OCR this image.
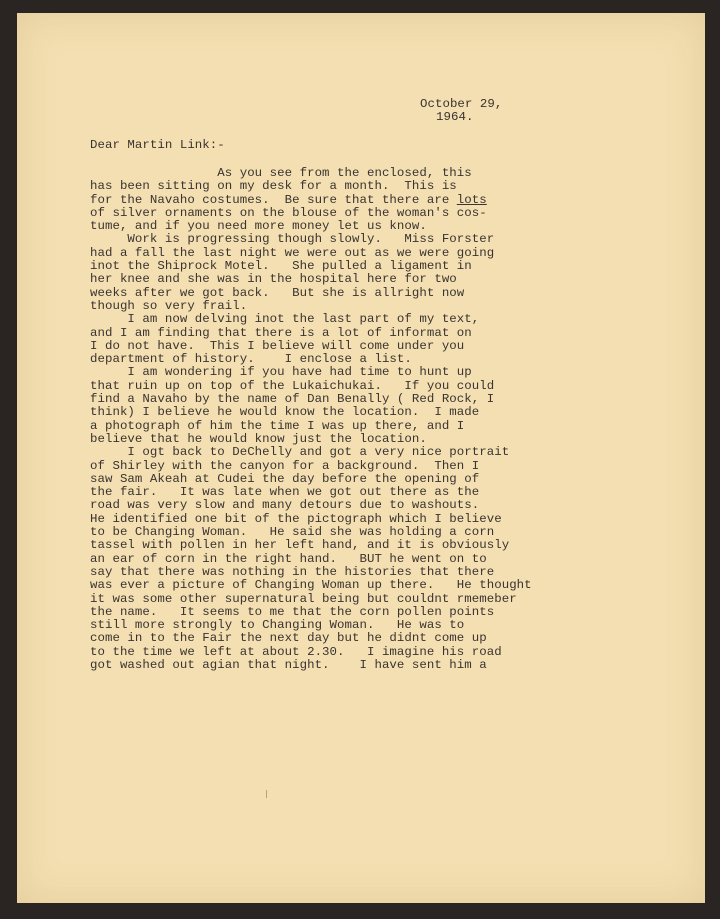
October 29,
1964.
Dear Martin Link:-
As you see from the enclosed, this
has been sitting on my desk for a month.  This is
for the Navaho costumes.  Be sure that there are lots
of silver ornaments on the blouse of the woman's cos-
tume, and if you need more money let us know.
Work is progressing though slowly.   Miss Forster
had a fall the last night we were out as we were going
inot the Shiprock Motel.   She pulled a ligament in
her knee and she was in the hospital here for two
weeks after we got back.   But she is allright now
though so very frail.
I am now delving inot the last part of my text,
and I am finding that there is a lot of informat on
I do not have.  This I believe will come under you
department of history.    I enclose a list.
I am wondering if you have had time to hunt up
that ruin up on top of the Lukaichukai.   If you could
find a Navaho by the name of Dan Benally ( Red Rock, I
think) I believe he would know the location.  I made
a photograph of him the time I was up there, and I
believe that he would know just the location.
I ogt back to DeChelly and got a very nice portrait
of Shirley with the canyon for a background.  Then I
saw Sam Akeah at Cudei the day before the opening of
the fair.   It was late when we got out there as the
road was very slow and many detours due to washouts.
He identified one bit of the pictograph which I believe
to be Changing Woman.   He said she was holding a corn
tassel with pollen in her left hand, and it is obviously
an ear of corn in the right hand.   BUT he went on to
say that there was nothing in the histories that there
was ever a picture of Changing Woman up there.   He thought
it was some other supernatural being but couldnt rmemeber
the name.   It seems to me that the corn pollen points
still more strongly to Changing Woman.   He was to
come in to the Fair the next day but he didnt come up
to the time we left at about 2.30.   I imagine his road
got washed out agian that night.    I have sent him a
